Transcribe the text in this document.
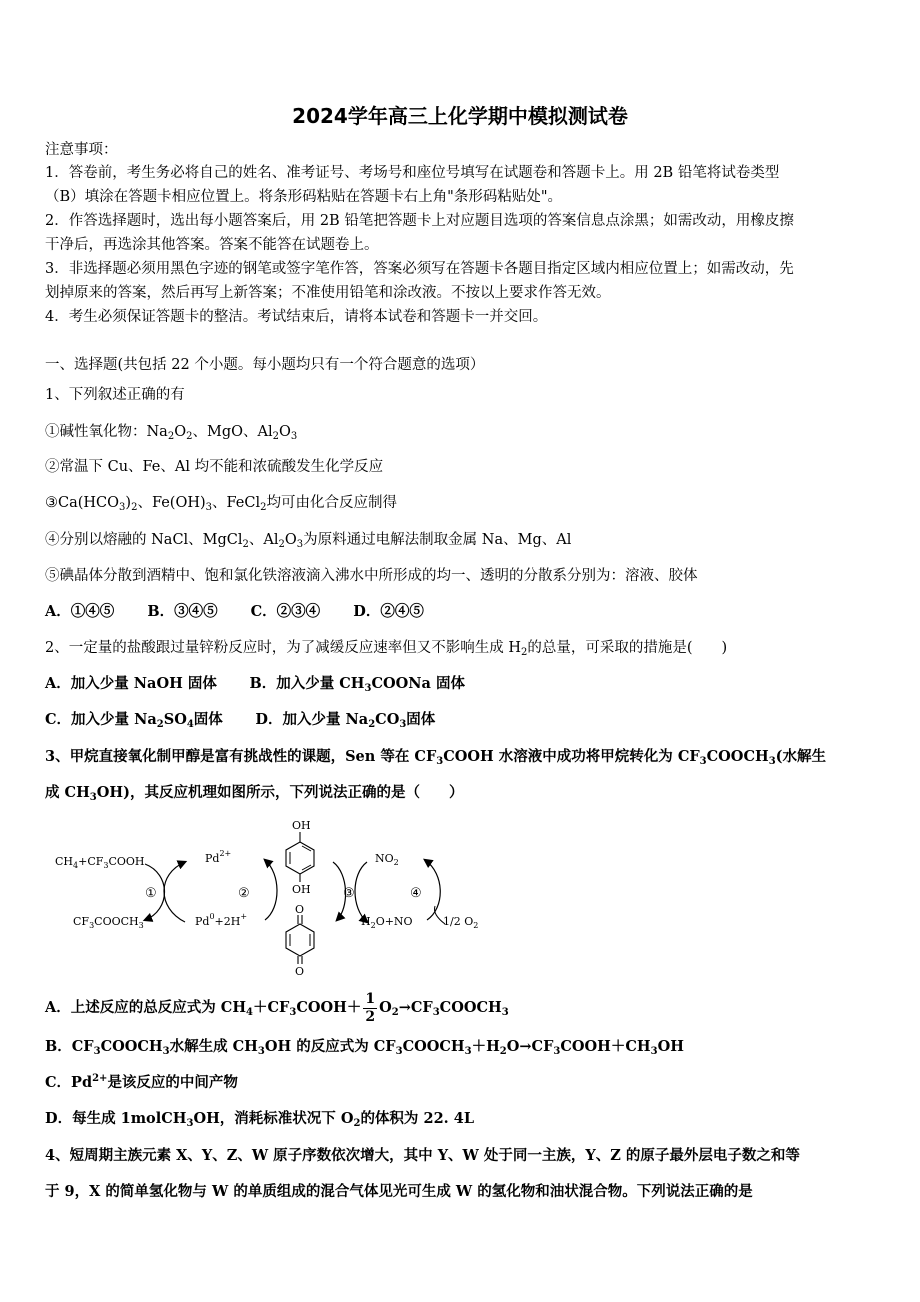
2024学年高三上化学期中模拟测试卷
注意事项：
1．答卷前，考生务必将自己的姓名、准考证号、考场号和座位号填写在试题卷和答题卡上。用 2B 铅笔将试卷类型
（B）填涂在答题卡相应位置上。将条形码粘贴在答题卡右上角"条形码粘贴处"。
2．作答选择题时，选出每小题答案后，用 2B 铅笔把答题卡上对应题目选项的答案信息点涂黑；如需改动，用橡皮擦
干净后，再选涂其他答案。答案不能答在试题卷上。
3．非选择题必须用黑色字迹的钢笔或签字笔作答，答案必须写在答题卡各题目指定区域内相应位置上；如需改动，先
划掉原来的答案，然后再写上新答案；不准使用铅笔和涂改液。不按以上要求作答无效。
4．考生必须保证答题卡的整洁。考试结束后，请将本试卷和答题卡一并交回。
一、选择题(共包括 22 个小题。每小题均只有一个符合题意的选项）
1、下列叙述正确的有
①碱性氧化物：$Na_2O_2$、MgO、$Al_2O_3$
②常温下 Cu、Fe、Al 均不能和浓硫酸发生化学反应
$③Ca(HCO_3)_2$、$Fe(OH)_3$、FeCl$_2$均可由化合反应制得
④分别以熔融的 NaCl、MgCl$_2$、$Al_2O_3$为原料通过电解法制取金属 Na、Mg、Al
⑤碘晶体分散到酒精中、饱和氯化铁溶液滴入沸水中所形成的均一、透明的分散系分别为：溶液、胶体
A．①④⑤ B．③④⑤ C．②③④ D．②④⑤
2、一定量的盐酸跟过量锌粉反应时，为了减缓反应速率但又不影响生成 $H_2$的总量，可采取的措施是(　　)
A．加入少量 NaOH 固体 B．加入少量 $CH_3COONa$ 固体
C．加入少量 $Na_2SO_4$固体 D．加入少量 $Na_2CO_3$固体
3、甲烷直接氧化制甲醇是富有挑战性的课题，Sen 等在 $CF_3COOH$ 水溶液中成功将甲烷转化为 $CF_3COOCH_3$(水解生
成 $CH_3OH$)，其反应机理如图所示，下列说法正确的是（　　）
$CH_4+CF_3COOH$
$CF_3COOCH_3$
①
$Pd^{2+}$
$Pd^0+2H^+$
②
OH
OH
O
O
③
$NO_2$
$H_2O+NO$
④
1/2 $O_2$
A．上述反应的总反应式为 $CH_4+CF_3COOH+ \frac{1}{2}$ $O_2\to CF_3COOCH_3$
B．$CF_3COOCH_3$水解生成 $CH_3OH$ 的反应式为 $CF_3COOCH_3+H_2O\to CF_3COOH+CH_3OH$
C．$Pd^{2+}$是该反应的中间产物
D．每生成 1molCH$_3$OH，消耗标准状况下 $O_2$的体积为 22. 4L
4、短周期主族元素 X、Y、Z、W 原子序数依次增大，其中 Y、W 处于同一主族，Y、Z 的原子最外层电子数之和等
于 9，X 的简单氢化物与 W 的单质组成的混合气体见光可生成 W 的氢化物和油状混合物。下列说法正确的是
